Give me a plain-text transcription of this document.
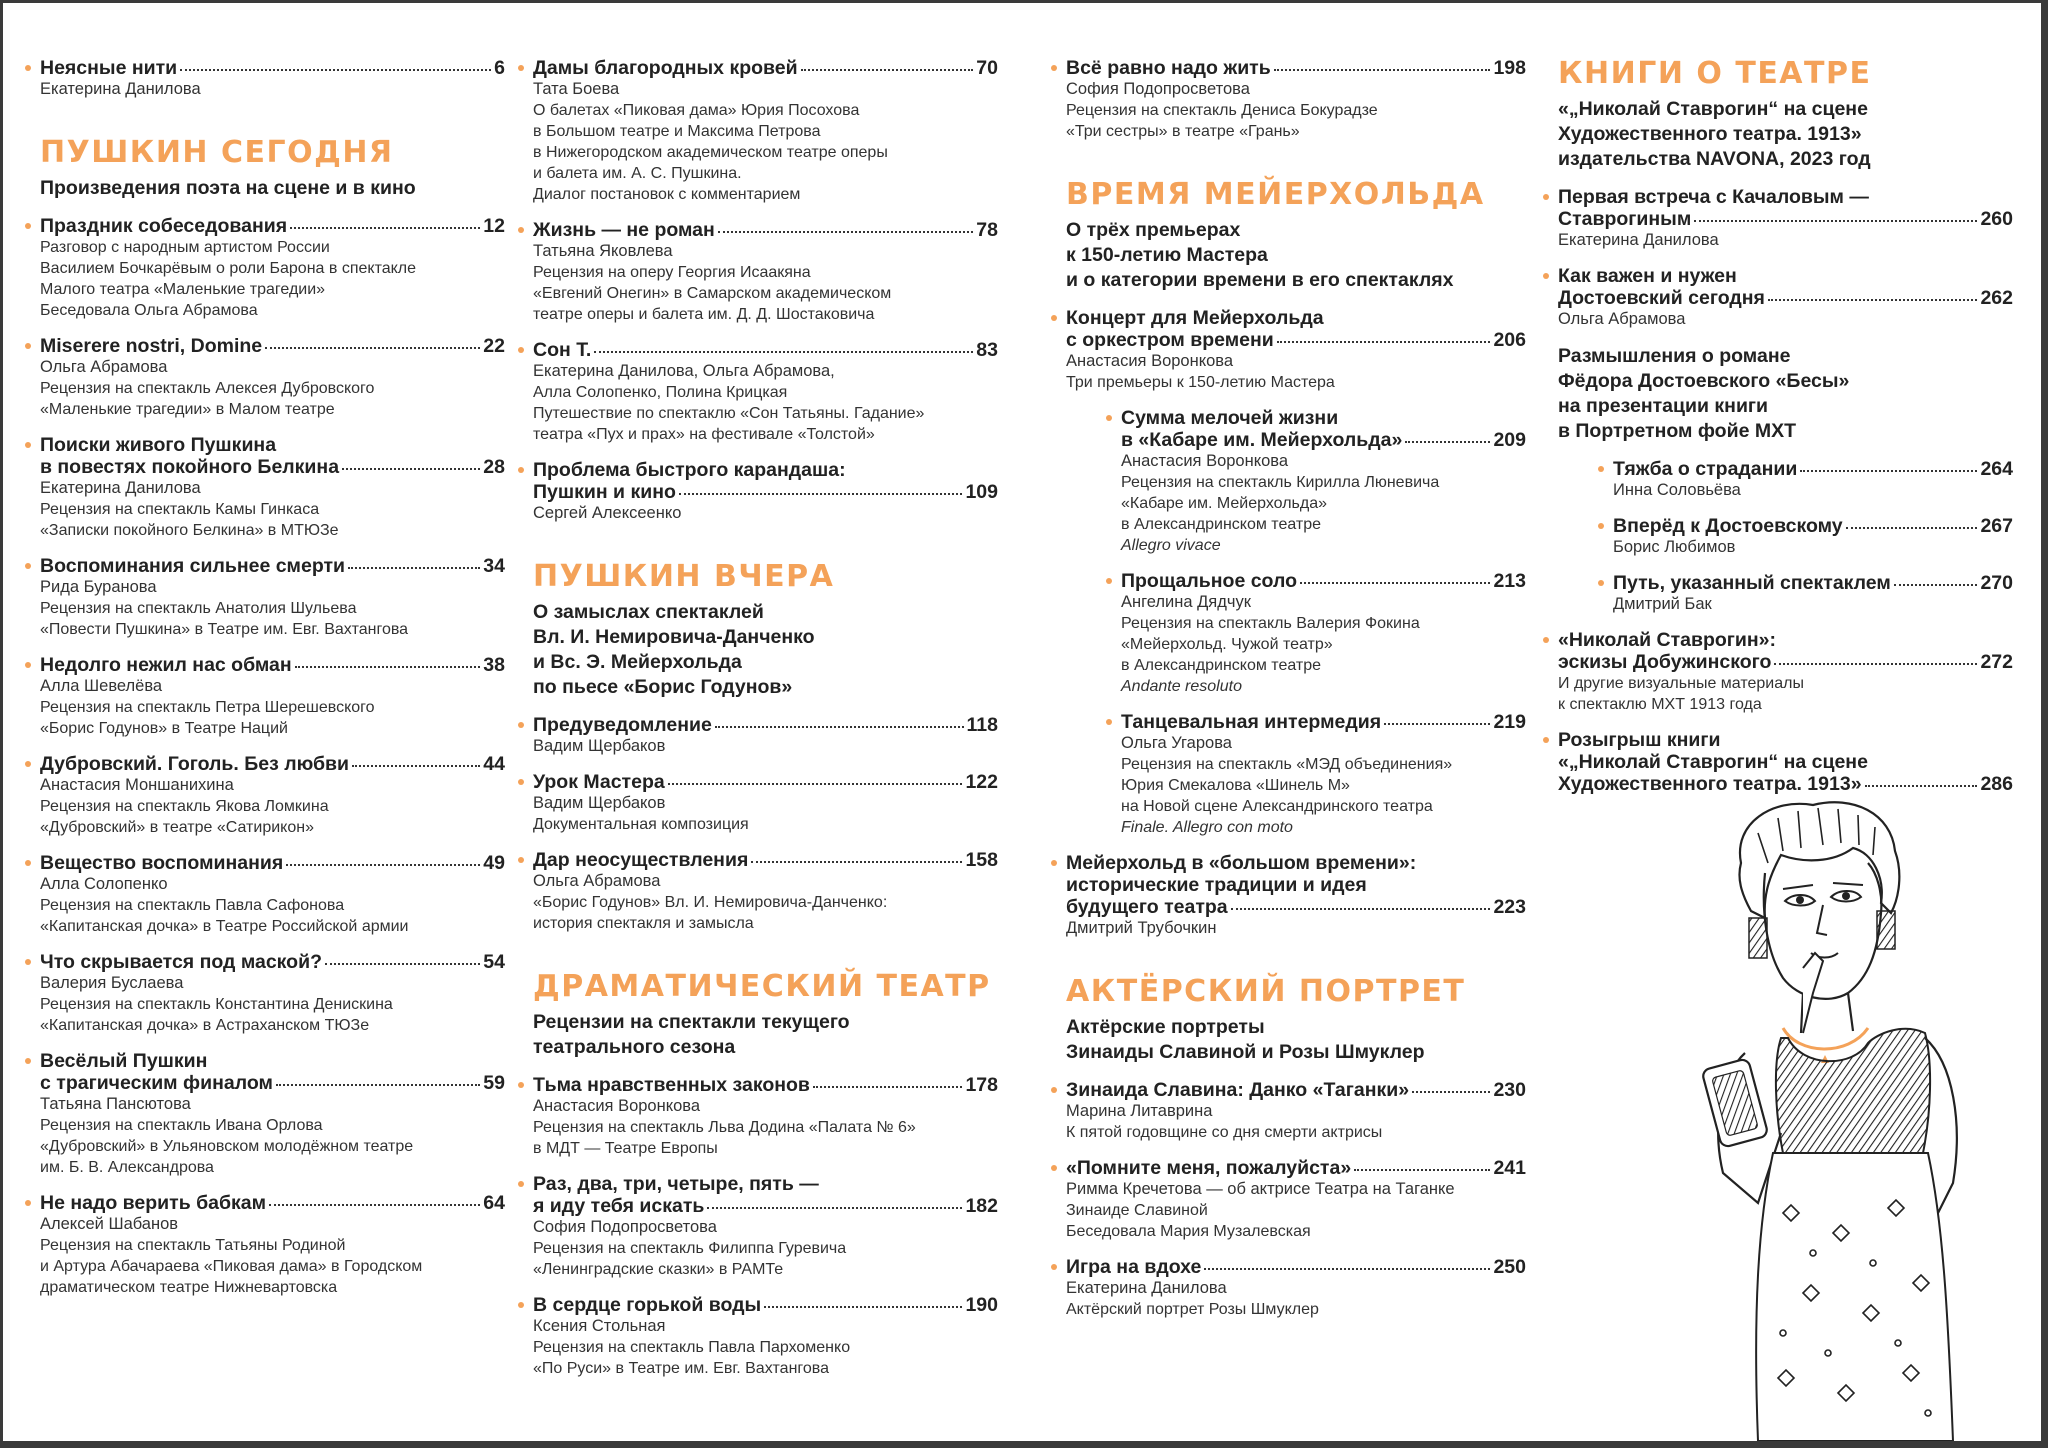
Неясные нити	6
Екатерина Данилова
ПУШКИН СЕГОДНЯ
Произведения поэта на сцене и в кино
Праздник собеседования	12
Разговор с народным артистом России
Василием Бочкарёвым о роли Барона в спектакле
Малого театра «Маленькие трагедии»
Беседовала Ольга Абрамова
Miserere nostri, Domine	22
Ольга Абрамова
Рецензия на спектакль Алексея Дубровского
«Маленькие трагедии» в Малом театре
Поиски живого Пушкина
в повестях покойного Белкина	28
Екатерина Данилова
Рецензия на спектакль Камы Гинкаса
«Записки покойного Белкина» в МТЮЗе
Воспоминания сильнее смерти	34
Рида Буранова
Рецензия на спектакль Анатолия Шульева
«Повести Пушкина» в Театре им. Евг. Вахтангова
Недолго нежил нас обман	38
Алла Шевелёва
Рецензия на спектакль Петра Шерешевского
«Борис Годунов» в Театре Наций
Дубровский. Гоголь. Без любви	44
Анастасия Моншанихина
Рецензия на спектакль Якова Ломкина
«Дубровский» в театре «Сатирикон»
Вещество воспоминания	49
Алла Солопенко
Рецензия на спектакль Павла Сафонова
«Капитанская дочка» в Театре Российской армии
Что скрывается под маской?	54
Валерия Буслаева
Рецензия на спектакль Константина Денискина
«Капитанская дочка» в Астраханском ТЮЗе
Весёлый Пушкин
с трагическим финалом	59
Татьяна Пансютова
Рецензия на спектакль Ивана Орлова
«Дубровский» в Ульяновском молодёжном театре
им. Б. В. Александрова
Не надо верить бабкам	64
Алексей Шабанов
Рецензия на спектакль Татьяны Родиной
и Артура Абачараева «Пиковая дама» в Городском
драматическом театре Нижневартовска
Дамы благородных кровей	70
Тата Боева
О балетах «Пиковая дама» Юрия Посохова
в Большом театре и Максима Петрова
в Нижегородском академическом театре оперы
и балета им. А. С. Пушкина.
Диалог постановок с комментарием
Жизнь — не роман	78
Татьяна Яковлева
Рецензия на оперу Георгия Исаакяна
«Евгений Онегин» в Самарском академическом
театре оперы и балета им. Д. Д. Шостаковича
Сон Т.	83
Екатерина Данилова, Ольга Абрамова,
Алла Солопенко, Полина Крицкая
Путешествие по спектаклю «Сон Татьяны. Гадание»
театра «Пух и прах» на фестивале «Толстой»
Проблема быстрого карандаша:
Пушкин и кино	109
Сергей Алексеенко
ПУШКИН ВЧЕРА
О замыслах спектаклей
Вл. И. Немировича-Данченко
и Вс. Э. Мейерхольда
по пьесе «Борис Годунов»
Предуведомление	118
Вадим Щербаков
Урок Мастера	122
Вадим Щербаков
Документальная композиция
Дар неосуществления	158
Ольга Абрамова
«Борис Годунов» Вл. И. Немировича-Данченко:
история спектакля и замысла
ДРАМАТИЧЕСКИЙ ТЕАТР
Рецензии на спектакли текущего
театрального сезона
Тьма нравственных законов	178
Анастасия Воронкова
Рецензия на спектакль Льва Додина «Палата № 6»
в МДТ — Театре Европы
Раз, два, три, четыре, пять —
я иду тебя искать	182
София Подопросветова
Рецензия на спектакль Филиппа Гуревича
«Ленинградские сказки» в РАМТе
В сердце горькой воды	190
Ксения Стольная
Рецензия на спектакль Павла Пархоменко
«По Руси» в Театре им. Евг. Вахтангова
Всё равно надо жить	198
София Подопросветова
Рецензия на спектакль Дениса Бокурадзе
«Три сестры» в театре «Грань»
ВРЕМЯ МЕЙЕРХОЛЬДА
О трёх премьерах
к 150-летию Мастера
и о категории времени в его спектаклях
Концерт для Мейерхольда
с оркестром времени	206
Анастасия Воронкова
Три премьеры к 150-летию Мастера
Сумма мелочей жизни
в «Кабаре им. Мейерхольда»	209
Анастасия Воронкова
Рецензия на спектакль Кирилла Люневича
«Кабаре им. Мейерхольда»
в Александринском театре
Allegro vivace
Прощальное соло	213
Ангелина Дядчук
Рецензия на спектакль Валерия Фокина
«Мейерхольд. Чужой театр»
в Александринском театре
Andante resoluto
Танцевальная интермедия	219
Ольга Угарова
Рецензия на спектакль «МЭД объединения»
Юрия Смекалова «Шинель М»
на Новой сцене Александринского театра
Finale. Allegro con moto
Мейерхольд в «большом времени»:
исторические традиции и идея
будущего театра	223
Дмитрий Трубочкин
АКТЁРСКИЙ ПОРТРЕТ
Актёрские портреты
Зинаиды Славиной и Розы Шмуклер
Зинаида Славина: Данко «Таганки»	230
Марина Литаврина
К пятой годовщине со дня смерти актрисы
«Помните меня, пожалуйста»	241
Римма Кречетова — об актрисе Театра на Таганке
Зинаиде Славиной
Беседовала Мария Музалевская
Игра на вдохе	250
Екатерина Данилова
Актёрский портрет Розы Шмуклер
КНИГИ О ТЕАТРЕ
«„Николай Ставрогин“ на сцене
Художественного театра. 1913»
издательства NAVONA, 2023 год
Первая встреча с Качаловым —
Ставрогиным	260
Екатерина Данилова
Как важен и нужен
Достоевский сегодня	262
Ольга Абрамова
Размышления о романе
Фёдора Достоевского «Бесы»
на презентации книги
в Портретном фойе МХТ
Тяжба о страдании	264
Инна Соловьёва
Вперёд к Достоевскому	267
Борис Любимов
Путь, указанный спектаклем	270
Дмитрий Бак
«Николай Ставрогин»:
эскизы Добужинского	272
И другие визуальные материалы
к спектаклю МХТ 1913 года
Розыгрыш книги
«„Николай Ставрогин“ на сцене
Художественного театра. 1913»	286
